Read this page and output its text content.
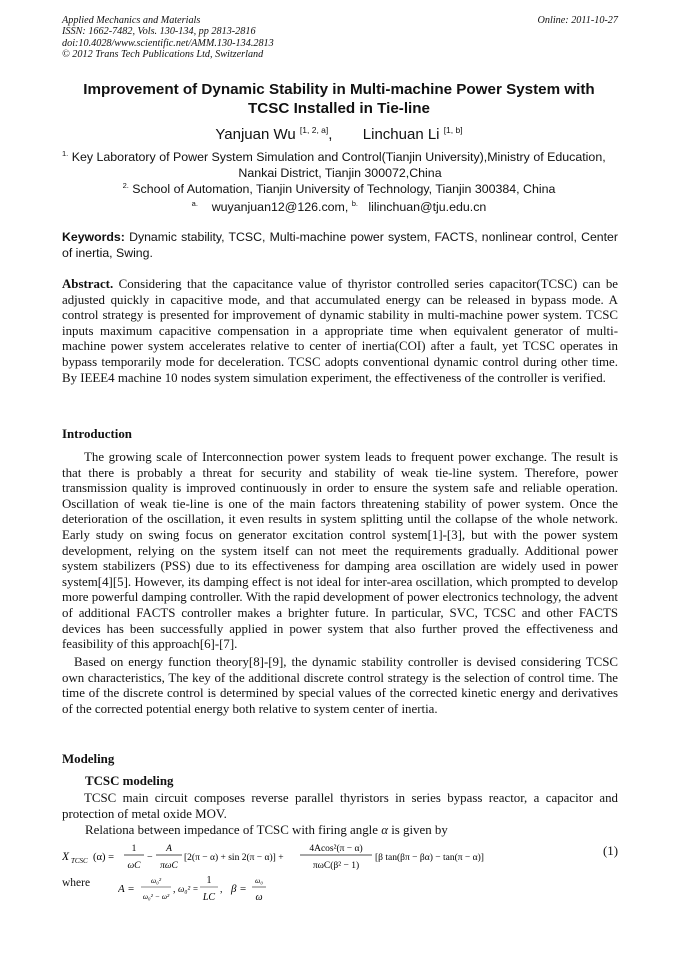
Applied Mechanics and Materials
ISSN: 1662-7482, Vols. 130-134, pp 2813-2816
doi:10.4028/www.scientific.net/AMM.130-134.2813
© 2012 Trans Tech Publications Ltd, Switzerland
Online: 2011-10-27
Improvement of Dynamic Stability in Multi-machine Power System with
TCSC Installed in Tie-line
Yanjuan Wu [1, 2, a], Linchuan Li [1, b]
$^{1.}$ Key Laboratory of Power System Simulation and Control(Tianjin University),Ministry of Education,
Nankai District, Tianjin 300072,China
$^{2.}$ School of Automation, Tianjin University of Technology, Tianjin 300384, China
$^{a.}$ wuyanjuan12@126.com, $^{b.}$ lilinchuan@tju.edu.cn
Keywords: Dynamic stability, TCSC, Multi-machine power system, FACTS, nonlinear control, Center of inertia, Swing.
Abstract. Considering that the capacitance value of thyristor controlled series capacitor(TCSC) can be adjusted quickly in capacitive mode, and that accumulated energy can be released in bypass mode. A control strategy is presented for improvement of dynamic stability in multi-machine power system. TCSC inputs maximum capacitive compensation in a appropriate time when equivalent generator of multi-machine power system accelerates relative to center of inertia(COI) after a fault, yet TCSC operates in bypass temporarily mode for deceleration. TCSC adopts conventional dynamic control during other time. By IEEE4 machine 10 nodes system simulation experiment, the effectiveness of the controller is verified.
Introduction
The growing scale of Interconnection power system leads to frequent power exchange. The result is that there is probably a threat for security and stability of weak tie-line system. Therefore, power transmission quality is improved continuously in order to ensure the system safe and reliable operation. Oscillation of weak tie-line is one of the main factors threatening stability of power system. Once the deterioration of the oscillation, it even results in system splitting until the collapse of the whole network. Early study on swing focus on generator excitation control system[1]-[3], but with the power system development, relying on the system itself can not meet the requirements gradually. Additional power system stabilizers (PSS) due to its effectiveness for damping area oscillation are widely used in power system[4][5]. However, its damping effect is not ideal for inter-area oscillation, which prompted to develop more powerful damping controller. With the rapid development of power electronics technology, the advent of additional FACTS controller makes a brighter future. In particular, SVC, TCSC and other FACTS devices has been successfully applied in power system that also further proved the effectiveness and feasibility of this approach[6]-[7].
Based on energy function theory[8]-[9], the dynamic stability controller is devised considering TCSC own characteristics, The key of the additional discrete control strategy is the selection of control time. The time of the discrete control is determined by special values of the corrected kinetic energy and derivatives of the corrected potential energy both relative to system center of inertia.
Modeling
TCSC modeling
TCSC main circuit composes reverse parallel thyristors in series bypass reactor, a capacitor and protection of metal oxide MOV.
Relationa between impedance of TCSC with firing angle α is given by
X TCSC (α) =
1
ωC
−
A
πωC
[2(π − α) + sin 2(π − α)] +
4Acos²(π − α)
πωC(β² − 1)
[β tan(βπ − βα) − tan(π − α)]	(1)
where	A =
ω₀²
ω₀² − ω²
, ω₀² =
1
LC
, β =
ω₀
ω
